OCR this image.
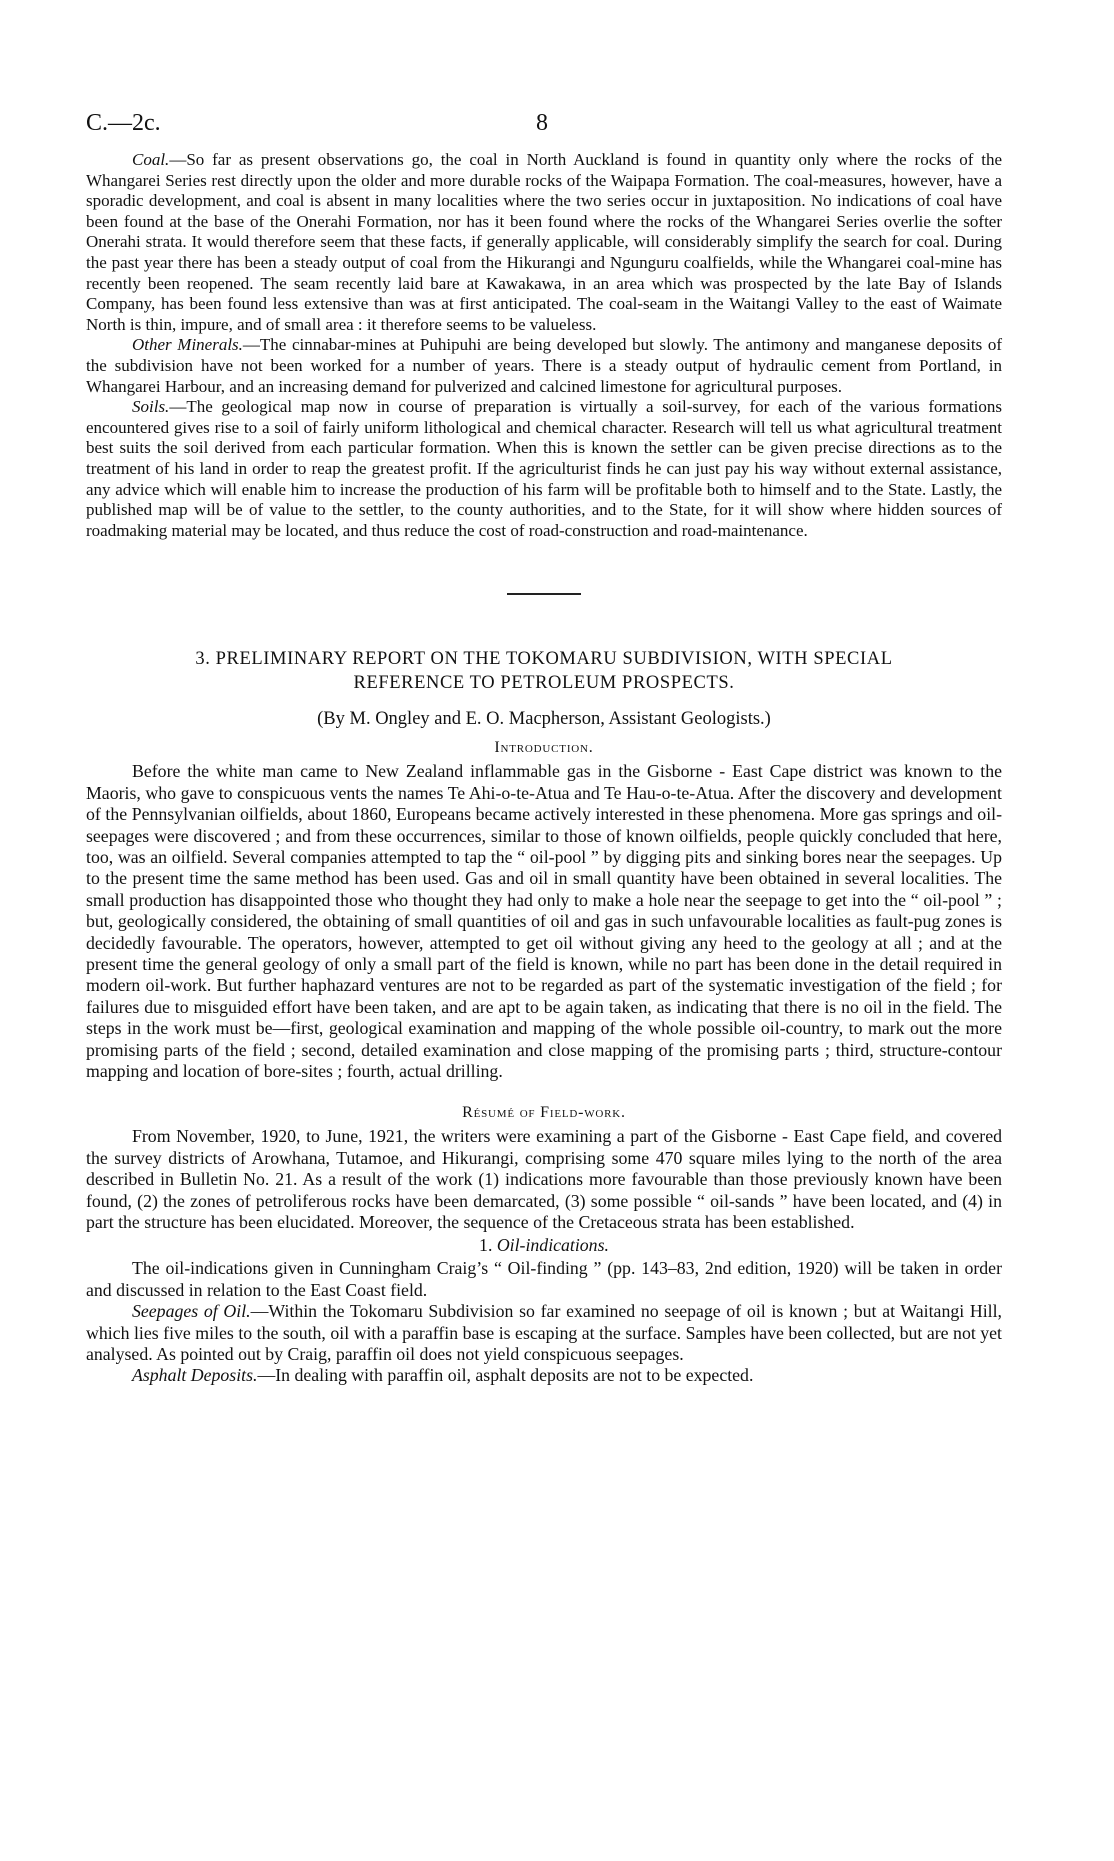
C.—2c.	8

Coal.—So far as present observations go, the coal in North Auckland is found in quantity only where the rocks of the Whangarei Series rest directly upon the older and more durable rocks of the Waipapa Formation. The coal-measures, however, have a sporadic development, and coal is absent in many localities where the two series occur in juxtaposition. No indications of coal have been found at the base of the Onerahi Formation, nor has it been found where the rocks of the Whangarei Series overlie the softer Onerahi strata. It would therefore seem that these facts, if generally applicable, will considerably simplify the search for coal. During the past year there has been a steady output of coal from the Hikurangi and Ngunguru coalfields, while the Whangarei coal-mine has recently been reopened. The seam recently laid bare at Kawakawa, in an area which was prospected by the late Bay of Islands Company, has been found less extensive than was at first anticipated. The coal-seam in the Waitangi Valley to the east of Waimate North is thin, impure, and of small area : it therefore seems to be valueless.

Other Minerals.—The cinnabar-mines at Puhipuhi are being developed but slowly. The antimony and manganese deposits of the subdivision have not been worked for a number of years. There is a steady output of hydraulic cement from Portland, in Whangarei Harbour, and an increasing demand for pulverized and calcined limestone for agricultural purposes.

Soils.—The geological map now in course of preparation is virtually a soil-survey, for each of the various formations encountered gives rise to a soil of fairly uniform lithological and chemical character. Research will tell us what agricultural treatment best suits the soil derived from each particular formation. When this is known the settler can be given precise directions as to the treatment of his land in order to reap the greatest profit. If the agriculturist finds he can just pay his way without external assistance, any advice which will enable him to increase the production of his farm will be profitable both to himself and to the State. Lastly, the published map will be of value to the settler, to the county authorities, and to the State, for it will show where hidden sources of roadmaking material may be located, and thus reduce the cost of road-construction and road-maintenance.

3. PRELIMINARY REPORT ON THE TOKOMARU SUBDIVISION, WITH SPECIAL
REFERENCE TO PETROLEUM PROSPECTS.
(By M. Ongley and E. O. Macpherson, Assistant Geologists.)
Introduction.

Before the white man came to New Zealand inflammable gas in the Gisborne - East Cape district was known to the Maoris, who gave to conspicuous vents the names Te Ahi-o-te-Atua and Te Hau-o-te-Atua. After the discovery and development of the Pennsylvanian oilfields, about 1860, Europeans became actively interested in these phenomena. More gas springs and oil-seepages were discovered ; and from these occurrences, similar to those of known oilfields, people quickly concluded that here, too, was an oilfield. Several companies attempted to tap the “ oil-pool ” by digging pits and sinking bores near the seepages. Up to the present time the same method has been used. Gas and oil in small quantity have been obtained in several localities. The small production has disappointed those who thought they had only to make a hole near the seepage to get into the “ oil-pool ” ; but, geologically considered, the obtaining of small quantities of oil and gas in such unfavourable localities as fault-pug zones is decidedly favourable. The operators, however, attempted to get oil without giving any heed to the geology at all ; and at the present time the general geology of only a small part of the field is known, while no part has been done in the detail required in modern oil-work. But further haphazard ventures are not to be regarded as part of the systematic investigation of the field ; for failures due to misguided effort have been taken, and are apt to be again taken, as indicating that there is no oil in the field. The steps in the work must be—first, geological examination and mapping of the whole possible oil-country, to mark out the more promising parts of the field ; second, detailed examination and close mapping of the promising parts ; third, structure-contour mapping and location of bore-sites ; fourth, actual drilling.

Résumé of Field-work.

From November, 1920, to June, 1921, the writers were examining a part of the Gisborne - East Cape field, and covered the survey districts of Arowhana, Tutamoe, and Hikurangi, comprising some 470 square miles lying to the north of the area described in Bulletin No. 21. As a result of the work (1) indications more favourable than those previously known have been found, (2) the zones of petroliferous rocks have been demarcated, (3) some possible “ oil-sands ” have been located, and (4) in part the structure has been elucidated. Moreover, the sequence of the Cretaceous strata has been established.

1. Oil-indications.

The oil-indications given in Cunningham Craig’s “ Oil-finding ” (pp. 143–83, 2nd edition, 1920) will be taken in order and discussed in relation to the East Coast field.

Seepages of Oil.—Within the Tokomaru Subdivision so far examined no seepage of oil is known ; but at Waitangi Hill, which lies five miles to the south, oil with a paraffin base is escaping at the surface. Samples have been collected, but are not yet analysed. As pointed out by Craig, paraffin oil does not yield conspicuous seepages.

Asphalt Deposits.—In dealing with paraffin oil, asphalt deposits are not to be expected.
